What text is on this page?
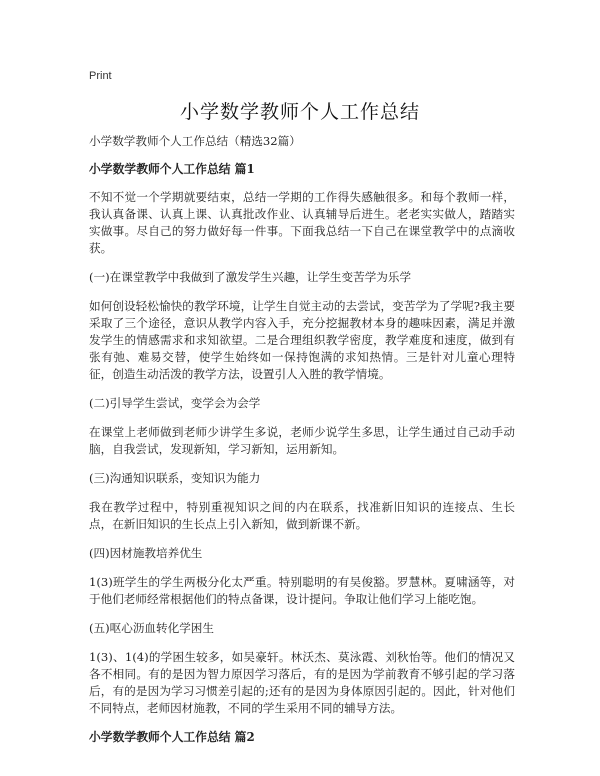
Print
小学数学教师个人工作总结
小学数学教师个人工作总结（精选32篇）
小学数学教师个人工作总结 篇1
不知不觉一个学期就要结束，总结一学期的工作得失感触很多。和每个教师一样，我认真备课、认真上课、认真批改作业、认真辅导后进生。老老实实做人，踏踏实实做事。尽自己的努力做好每一件事。下面我总结一下自己在课堂教学中的点滴收获。
(一)在课堂教学中我做到了激发学生兴趣，让学生变苦学为乐学
如何创设轻松愉快的教学环境，让学生自觉主动的去尝试，变苦学为了学呢?我主要采取了三个途径，意识从教学内容入手，充分挖掘教材本身的趣味因素，满足并激发学生的情感需求和求知欲望。二是合理组织教学密度，教学难度和速度，做到有张有弛、难易交替，使学生始终如一保持饱满的求知热情。三是针对儿童心理特征，创造生动活泼的教学方法，设置引人入胜的教学情境。
(二)引导学生尝试，变学会为会学
在课堂上老师做到老师少讲学生多说，老师少说学生多思，让学生通过自己动手动脑，自我尝试，发现新知，学习新知，运用新知。
(三)沟通知识联系，变知识为能力
我在教学过程中，特别重视知识之间的内在联系，找准新旧知识的连接点、生长点，在新旧知识的生长点上引入新知，做到新课不新。
(四)因材施教培养优生
1(3)班学生的学生两极分化太严重。特别聪明的有吴俊豁。罗慧林。夏啸涵等，对于他们老师经常根据他们的特点备课，设计提问。争取让他们学习上能吃饱。
(五)呕心沥血转化学困生
1(3)、1(4)的学困生较多，如吴豪轩。林沃杰、莫泳霞、刘秋怡等。他们的情况又各不相同。有的是因为智力原因学习落后，有的是因为学前教育不够引起的学习落后，有的是因为学习习惯差引起的;还有的是因为身体原因引起的。因此，针对他们不同特点，老师因材施教，不同的学生采用不同的辅导方法。
小学数学教师个人工作总结 篇2
